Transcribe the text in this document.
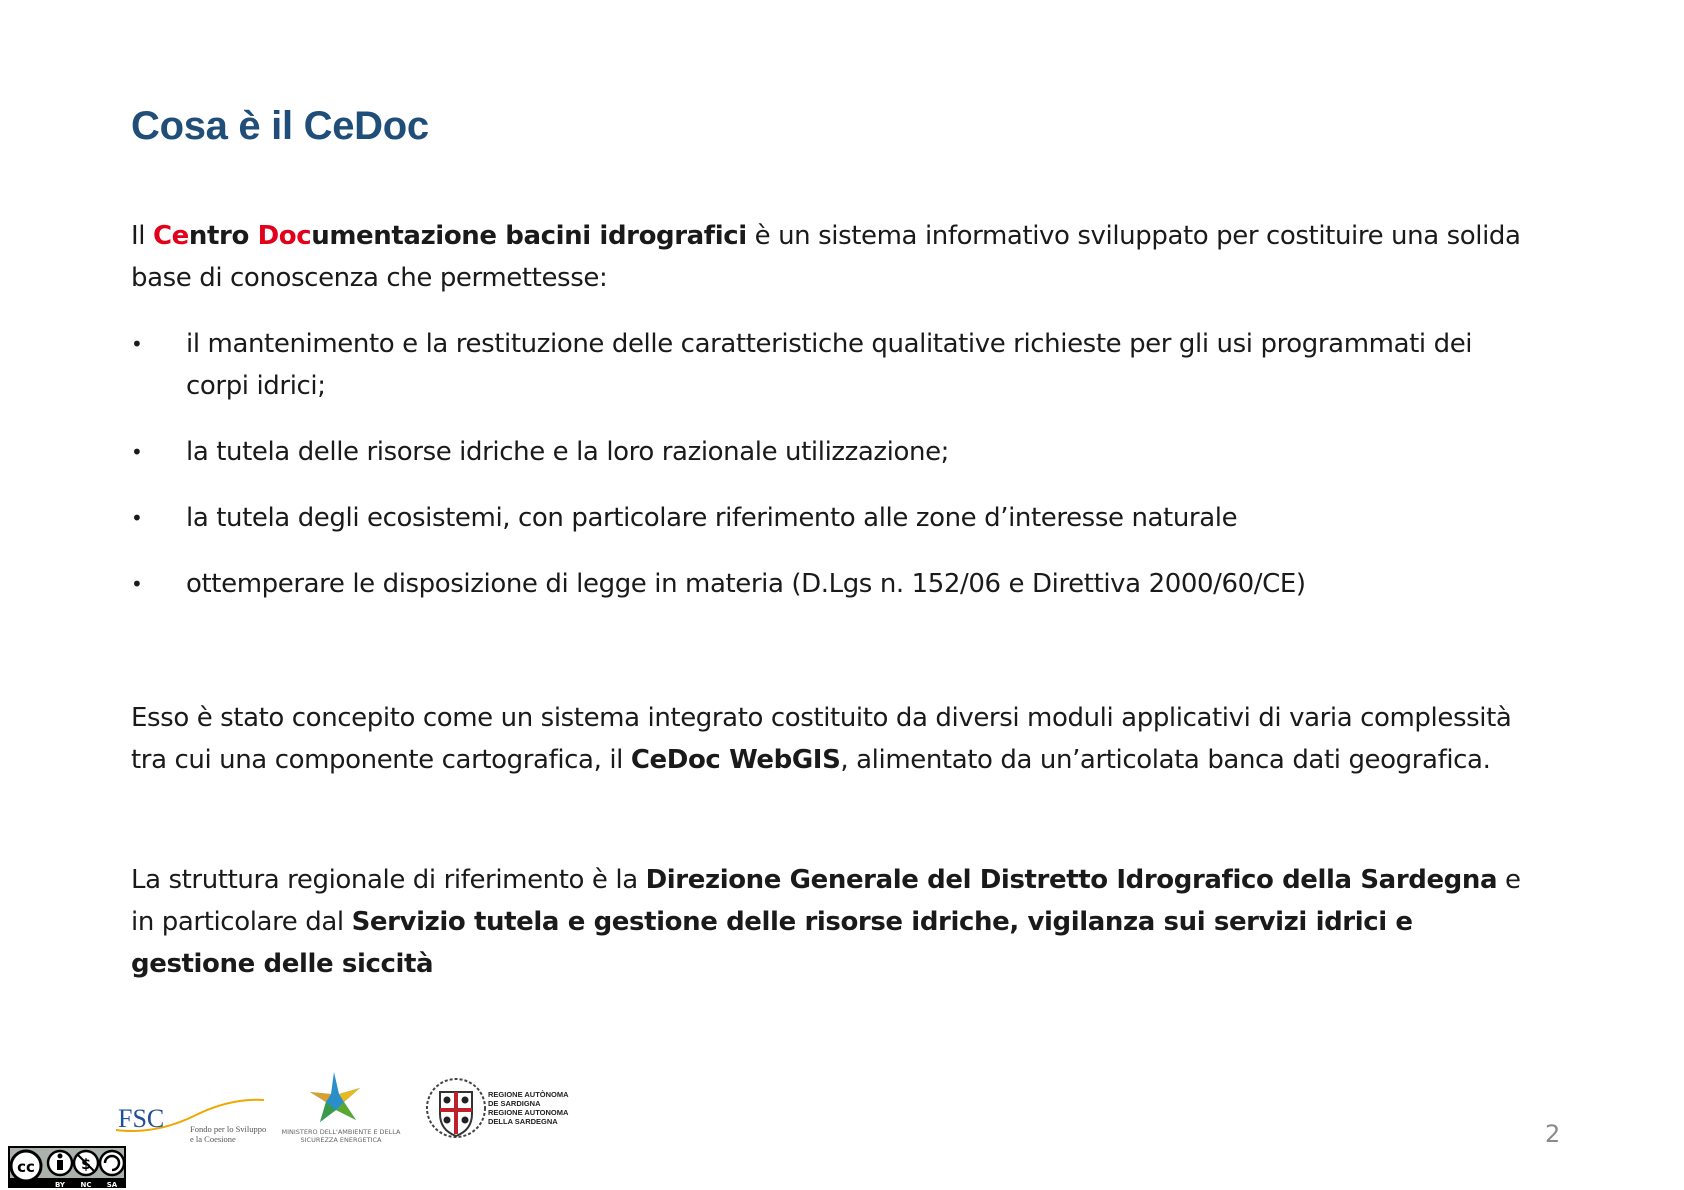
Cosa è il CeDoc

Il Centro Documentazione bacini idrografici è un sistema informativo sviluppato per costituire una solida base di conoscenza che permettesse:

• il mantenimento e la restituzione delle caratteristiche qualitative richieste per gli usi programmati dei corpi idrici;
• la tutela delle risorse idriche e la loro razionale utilizzazione;
• la tutela degli ecosistemi, con particolare riferimento alle zone d’interesse naturale
• ottemperare le disposizione di legge in materia (D.Lgs n. 152/06 e Direttiva 2000/60/CE)

Esso è stato concepito come un sistema integrato costituito da diversi moduli applicativi di varia complessità tra cui una componente cartografica, il CeDoc WebGIS, alimentato da un’articolata banca dati geografica.

La struttura regionale di riferimento è la Direzione Generale del Distretto Idrografico della Sardegna e in particolare dal Servizio tutela e gestione delle risorse idriche, vigilanza sui servizi idrici e gestione delle siccità

FSC	Fondo per lo Sviluppo e la Coesione
MINISTERO DELL'AMBIENTE E DELLA SICUREZZA ENERGETICA
REGIONE AUTÒNOMA
DE SARDIGNA
REGIONE AUTONOMA
DELLA SARDEGNA	2
cc	$
BY NC SA
